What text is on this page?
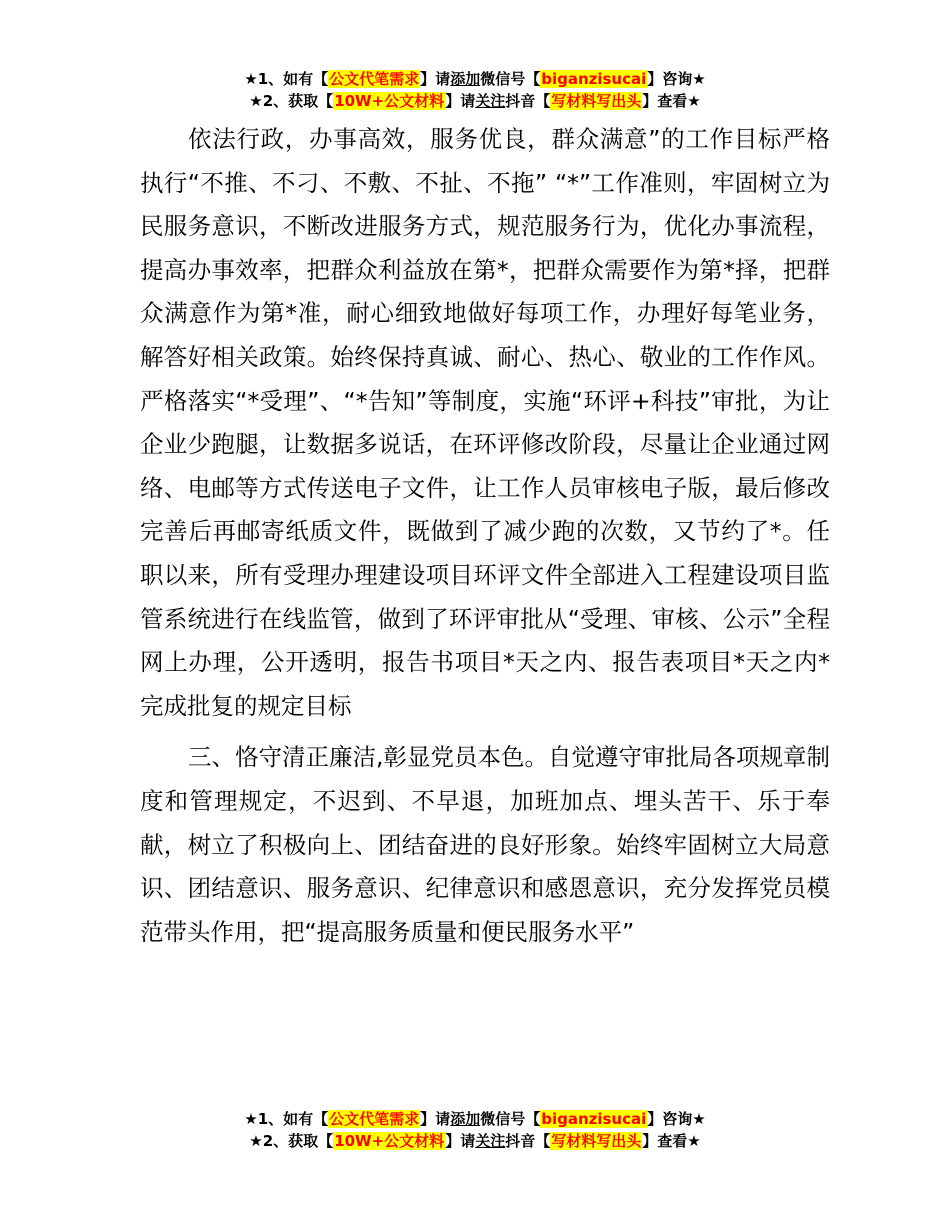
★1、如有【公文代笔需求】请添加微信号【biganzisucai】咨询★
★2、获取【10W+公文材料】请关注抖音【写材料写出头】查看★

依法行政，办事高效，服务优良，群众满意”的工作目标严格执行“不推、不刁、不敷、不扯、不拖” “*”工作准则，牢固树立为民服务意识，不断改进服务方式，规范服务行为，优化办事流程，提高办事效率，把群众利益放在第*，把群众需要作为第*择，把群众满意作为第*准，耐心细致地做好每项工作，办理好每笔业务，解答好相关政策。始终保持真诚、耐心、热心、敬业的工作作风。严格落实“*受理”、“*告知”等制度，实施“环评+科技”审批，为让企业少跑腿，让数据多说话，在环评修改阶段，尽量让企业通过网络、电邮等方式传送电子文件，让工作人员审核电子版，最后修改完善后再邮寄纸质文件，既做到了减少跑的次数，又节约了*。任职以来，所有受理办理建设项目环评文件全部进入工程建设项目监管系统进行在线监管，做到了环评审批从“受理、审核、公示”全程网上办理，公开透明，报告书项目*天之内、报告表项目*天之内*完成批复的规定目标

三、恪守清正廉洁,彰显党员本色。自觉遵守审批局各项规章制度和管理规定，不迟到、不早退，加班加点、埋头苦干、乐于奉献，树立了积极向上、团结奋进的良好形象。始终牢固树立大局意识、团结意识、服务意识、纪律意识和感恩意识，充分发挥党员模范带头作用，把“提高服务质量和便民服务水平”

★1、如有【公文代笔需求】请添加微信号【biganzisucai】咨询★
★2、获取【10W+公文材料】请关注抖音【写材料写出头】查看★
